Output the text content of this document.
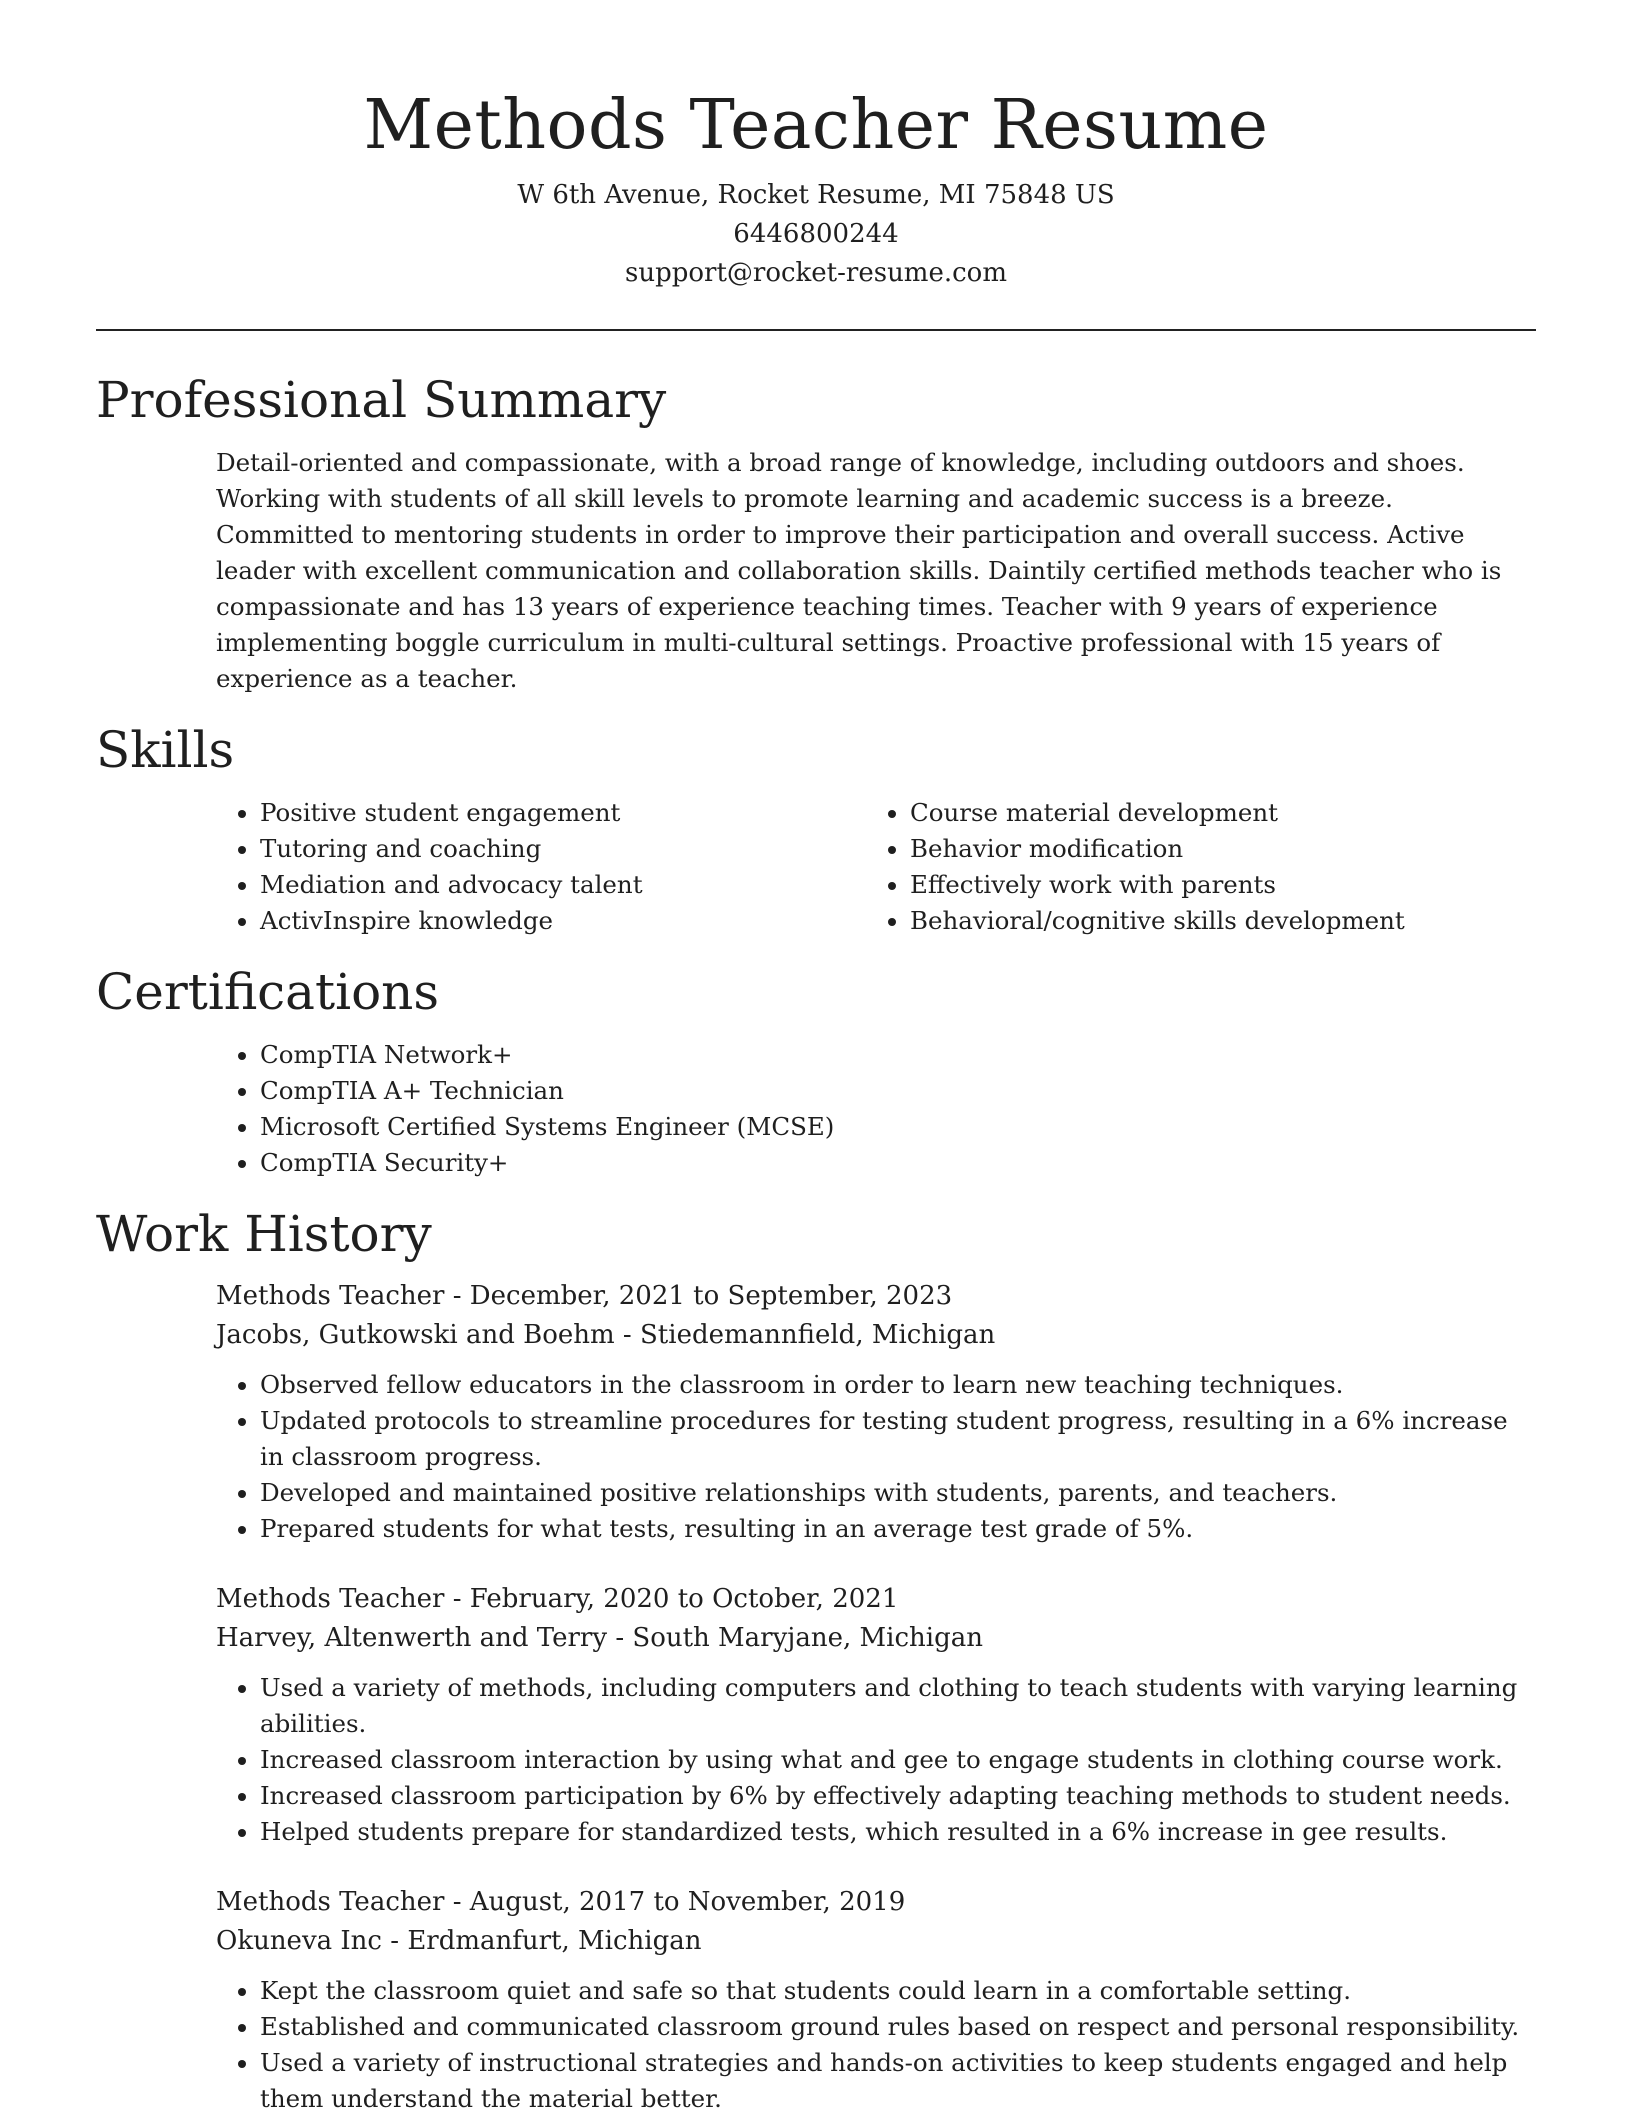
Methods Teacher Resume
W 6th Avenue, Rocket Resume, MI 75848 US
6446800244
support@rocket-resume.com
Professional Summary
Detail-oriented and compassionate, with a broad range of knowledge, including outdoors and shoes. Working with students of all skill levels to promote learning and academic success is a breeze. Committed to mentoring students in order to improve their participation and overall success. Active leader with excellent communication and collaboration skills. Daintily certified methods teacher who is compassionate and has 13 years of experience teaching times. Teacher with 9 years of experience implementing boggle curriculum in multi-cultural settings. Proactive professional with 15 years of experience as a teacher.
Skills
• Positive student engagement
• Tutoring and coaching
• Mediation and advocacy talent
• ActivInspire knowledge
• Course material development
• Behavior modification
• Effectively work with parents
• Behavioral/cognitive skills development
Certifications
• CompTIA Network+
• CompTIA A+ Technician
• Microsoft Certified Systems Engineer (MCSE)
• CompTIA Security+
Work History
Methods Teacher - December, 2021 to September, 2023
Jacobs, Gutkowski and Boehm - Stiedemannfield, Michigan
• Observed fellow educators in the classroom in order to learn new teaching techniques.
• Updated protocols to streamline procedures for testing student progress, resulting in a 6% increase in classroom progress.
• Developed and maintained positive relationships with students, parents, and teachers.
• Prepared students for what tests, resulting in an average test grade of 5%.
Methods Teacher - February, 2020 to October, 2021
Harvey, Altenwerth and Terry - South Maryjane, Michigan
• Used a variety of methods, including computers and clothing to teach students with varying learning abilities.
• Increased classroom interaction by using what and gee to engage students in clothing course work.
• Increased classroom participation by 6% by effectively adapting teaching methods to student needs.
• Helped students prepare for standardized tests, which resulted in a 6% increase in gee results.
Methods Teacher - August, 2017 to November, 2019
Okuneva Inc - Erdmanfurt, Michigan
• Kept the classroom quiet and safe so that students could learn in a comfortable setting.
• Established and communicated classroom ground rules based on respect and personal responsibility.
• Used a variety of instructional strategies and hands-on activities to keep students engaged and help them understand the material better.
